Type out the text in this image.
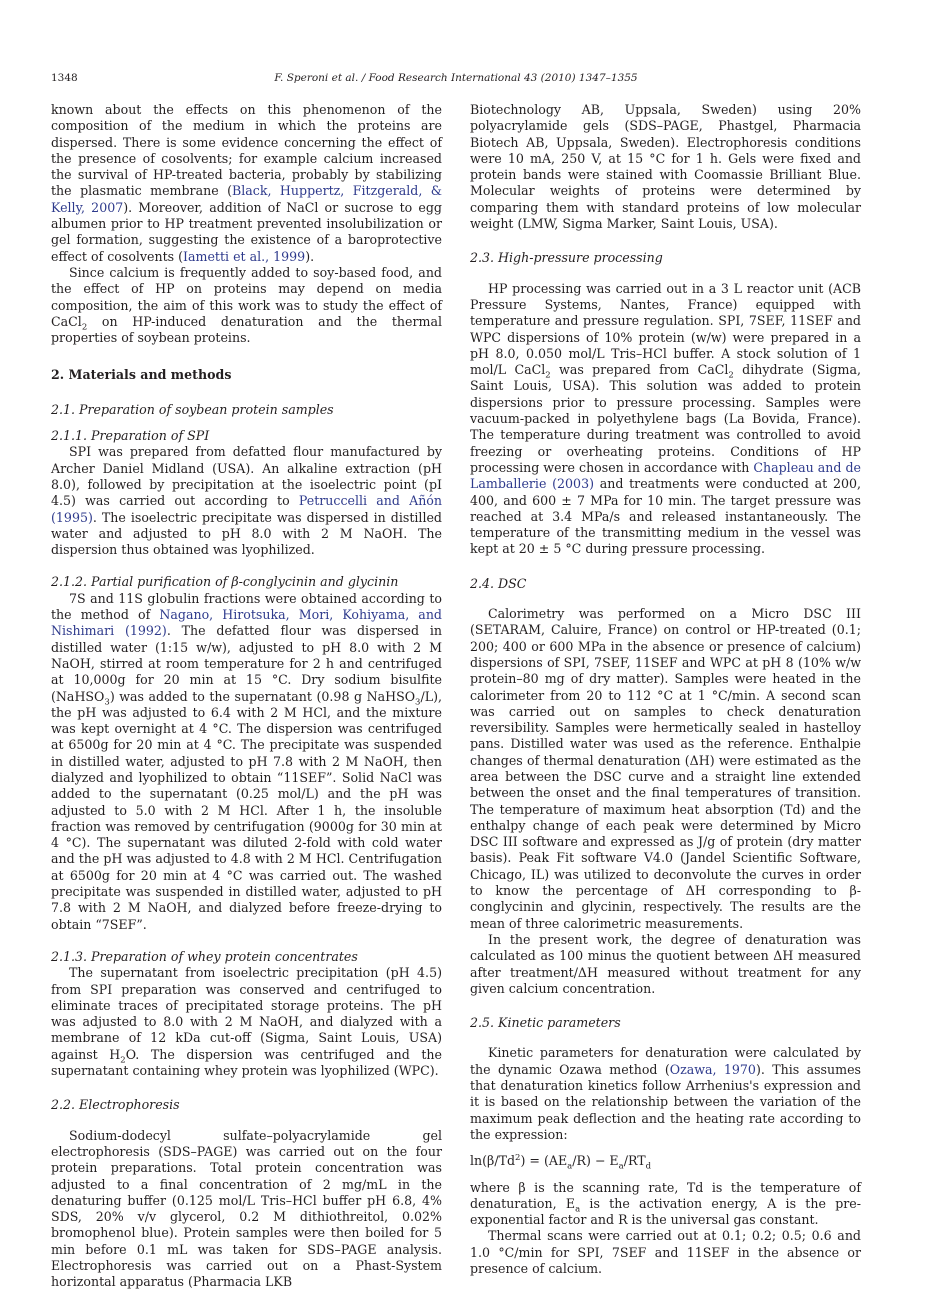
1348	F. Speroni et al. / Food Research International 43 (2010) 1347–1355

known about the effects on this phenomenon of the composition of the medium in which the proteins are dispersed. There is some evidence concerning the effect of the presence of cosolvents; for example calcium increased the survival of HP-treated bacteria, probably by stabilizing the plasmatic membrane (Black, Huppertz, Fitzgerald, & Kelly, 2007). Moreover, addition of NaCl or sucrose to egg albumen prior to HP treatment prevented insolubilization or gel formation, suggesting the existence of a baroprotective effect of cosolvents (Iametti et al., 1999).

Since calcium is frequently added to soy-based food, and the effect of HP on proteins may depend on media composition, the aim of this work was to study the effect of CaCl$_2$ on HP-induced denaturation and the thermal properties of soybean proteins.

2. Materials and methods
2.1. Preparation of soybean protein samples
2.1.1. Preparation of SPI

SPI was prepared from defatted flour manufactured by Archer Daniel Midland (USA). An alkaline extraction (pH 8.0), followed by precipitation at the isoelectric point (pI 4.5) was carried out according to Petruccelli and Añón (1995). The isoelectric precipitate was dispersed in distilled water and adjusted to pH 8.0 with 2 M NaOH. The dispersion thus obtained was lyophilized.

2.1.2. Partial purification of β-conglycinin and glycinin

7S and 11S globulin fractions were obtained according to the method of Nagano, Hirotsuka, Mori, Kohiyama, and Nishimari (1992). The defatted flour was dispersed in distilled water (1:15 w/w), adjusted to pH 8.0 with 2 M NaOH, stirred at room temperature for 2 h and centrifuged at 10,000g for 20 min at 15 °C. Dry sodium bisulfite (NaHSO$_3$) was added to the supernatant (0.98 g NaHSO$_3$/L), the pH was adjusted to 6.4 with 2 M HCl, and the mixture was kept overnight at 4 °C. The dispersion was centrifuged at 6500g for 20 min at 4 °C. The precipitate was suspended in distilled water, adjusted to pH 7.8 with 2 M NaOH, then dialyzed and lyophilized to obtain “11SEF”. Solid NaCl was added to the supernatant (0.25 mol/L) and the pH was adjusted to 5.0 with 2 M HCl. After 1 h, the insoluble fraction was removed by centrifugation (9000g for 30 min at 4 °C). The supernatant was diluted 2-fold with cold water and the pH was adjusted to 4.8 with 2 M HCl. Centrifugation at 6500g for 20 min at 4 °C was carried out. The washed precipitate was suspended in distilled water, adjusted to pH 7.8 with 2 M NaOH, and dialyzed before freeze-drying to obtain “7SEF”.

2.1.3. Preparation of whey protein concentrates

The supernatant from isoelectric precipitation (pH 4.5) from SPI preparation was conserved and centrifuged to eliminate traces of precipitated storage proteins. The pH was adjusted to 8.0 with 2 M NaOH, and dialyzed with a membrane of 12 kDa cut-off (Sigma, Saint Louis, USA) against $H_2O$. The dispersion was centrifuged and the supernatant containing whey protein was lyophilized (WPC).

2.2. Electrophoresis

Sodium-dodecyl sulfate–polyacrylamide gel electrophoresis (SDS–PAGE) was carried out on the four protein preparations. Total protein concentration was adjusted to a final concentration of 2 mg/mL in the denaturing buffer (0.125 mol/L Tris–HCl buffer pH 6.8, 4% SDS, 20% v/v glycerol, 0.2 M dithiothreitol, 0.02% bromophenol blue). Protein samples were then boiled for 5 min before 0.1 mL was taken for SDS–PAGE analysis. Electrophoresis was carried out on a Phast-System horizontal apparatus (Pharmacia LKB

Biotechnology AB, Uppsala, Sweden) using 20% polyacrylamide gels (SDS–PAGE, Phastgel, Pharmacia Biotech AB, Uppsala, Sweden). Electrophoresis conditions were 10 mA, 250 V, at 15 °C for 1 h. Gels were fixed and protein bands were stained with Coomassie Brilliant Blue. Molecular weights of proteins were determined by comparing them with standard proteins of low molecular weight (LMW, Sigma Marker, Saint Louis, USA).

2.3. High-pressure processing

HP processing was carried out in a 3 L reactor unit (ACB Pressure Systems, Nantes, France) equipped with temperature and pressure regulation. SPI, 7SEF, 11SEF and WPC dispersions of 10% protein (w/w) were prepared in a pH 8.0, 0.050 mol/L Tris–HCl buffer. A stock solution of 1 mol/L CaCl$_2$ was prepared from CaCl$_2$ dihydrate (Sigma, Saint Louis, USA). This solution was added to protein dispersions prior to pressure processing. Samples were vacuum-packed in polyethylene bags (La Bovida, France). The temperature during treatment was controlled to avoid freezing or overheating proteins. Conditions of HP processing were chosen in accordance with Chapleau and de Lamballerie (2003) and treatments were conducted at 200, 400, and 600 ± 7 MPa for 10 min. The target pressure was reached at 3.4 MPa/s and released instantaneously. The temperature of the transmitting medium in the vessel was kept at 20 ± 5 °C during pressure processing.

2.4. DSC

Calorimetry was performed on a Micro DSC III (SETARAM, Caluire, France) on control or HP-treated (0.1; 200; 400 or 600 MPa in the absence or presence of calcium) dispersions of SPI, 7SEF, 11SEF and WPC at pH 8 (10% w/w protein–80 mg of dry matter). Samples were heated in the calorimeter from 20 to 112 °C at 1 °C/min. A second scan was carried out on samples to check denaturation reversibility. Samples were hermetically sealed in hastelloy pans. Distilled water was used as the reference. Enthalpie changes of thermal denaturation (ΔH) were estimated as the area between the DSC curve and a straight line extended between the onset and the final temperatures of transition. The temperature of maximum heat absorption (Td) and the enthalpy change of each peak were determined by Micro DSC III software and expressed as J/g of protein (dry matter basis). Peak Fit software V4.0 (Jandel Scientific Software, Chicago, IL) was utilized to deconvolute the curves in order to know the percentage of ΔH corresponding to β-conglycinin and glycinin, respectively. The results are the mean of three calorimetric measurements.

In the present work, the degree of denaturation was calculated as 100 minus the quotient between ΔH measured after treatment/ΔH measured without treatment for any given calcium concentration.

2.5. Kinetic parameters

Kinetic parameters for denaturation were calculated by the dynamic Ozawa method (Ozawa, 1970). This assumes that denaturation kinetics follow Arrhenius's expression and it is based on the relationship between the variation of the maximum peak deflection and the heating rate according to the expression:

$\ln(\beta/Td^2) = (AE_a/R) - E_a/RT_d$

where β is the scanning rate, Td is the temperature of denaturation, $E_a$ is the activation energy, A is the pre-exponential factor and R is the universal gas constant.

Thermal scans were carried out at 0.1; 0.2; 0.5; 0.6 and 1.0 °C/min for SPI, 7SEF and 11SEF in the absence or presence of calcium.
